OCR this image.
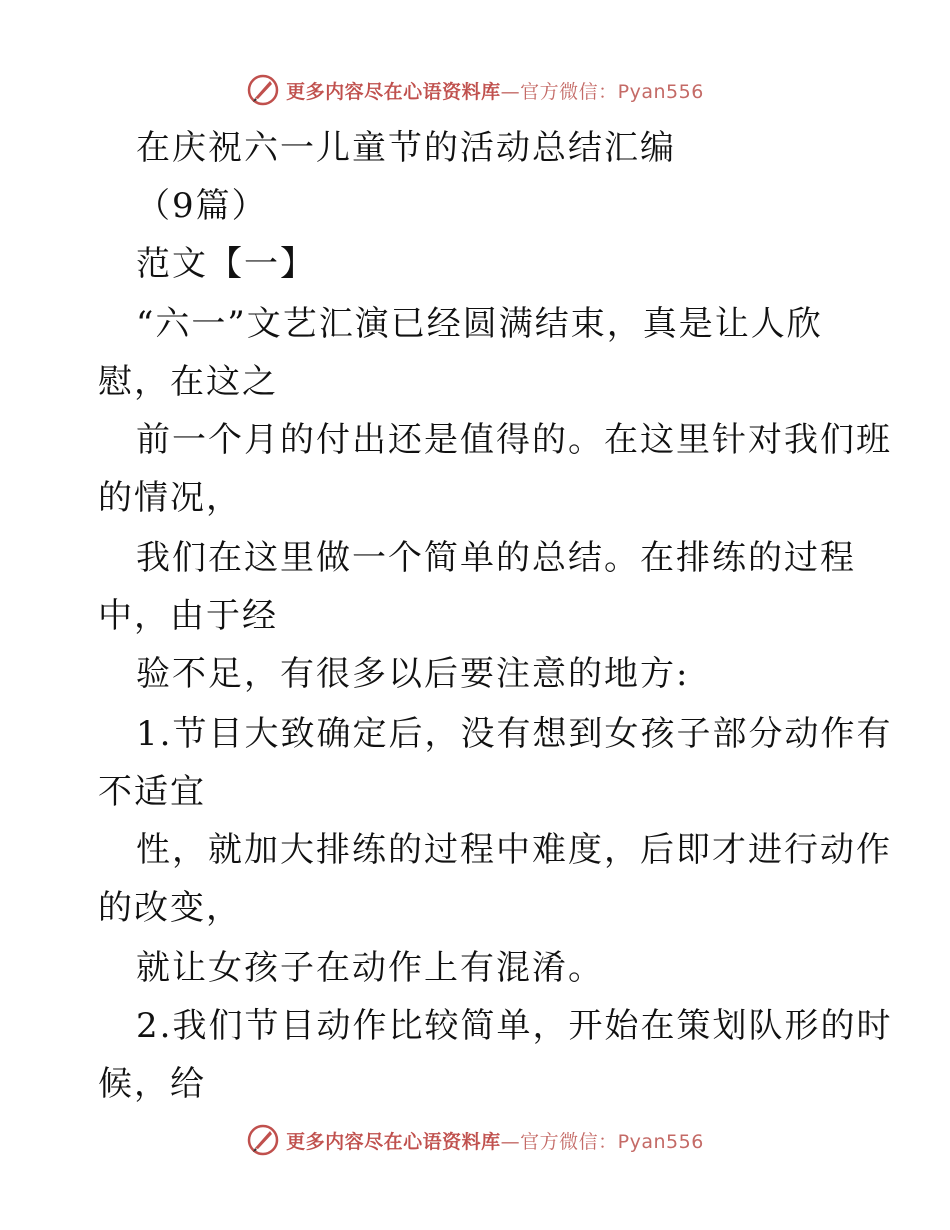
更多内容尽在心语资料库—官方微信：Pyan556
在庆祝六一儿童节的活动总结汇编
（9篇）
范文【一】
“六一”文艺汇演已经圆满结束，真是让人欣
慰，在这之
前一个月的付出还是值得的。在这里针对我们班
的情况，
我们在这里做一个简单的总结。在排练的过程
中，由于经
验不足，有很多以后要注意的地方:
1.节目大致确定后，没有想到女孩子部分动作有
不适宜
性，就加大排练的过程中难度，后即才进行动作
的改变，
就让女孩子在动作上有混淆。
2.我们节目动作比较简单，开始在策划队形的时
候，给
更多内容尽在心语资料库—官方微信：Pyan556
